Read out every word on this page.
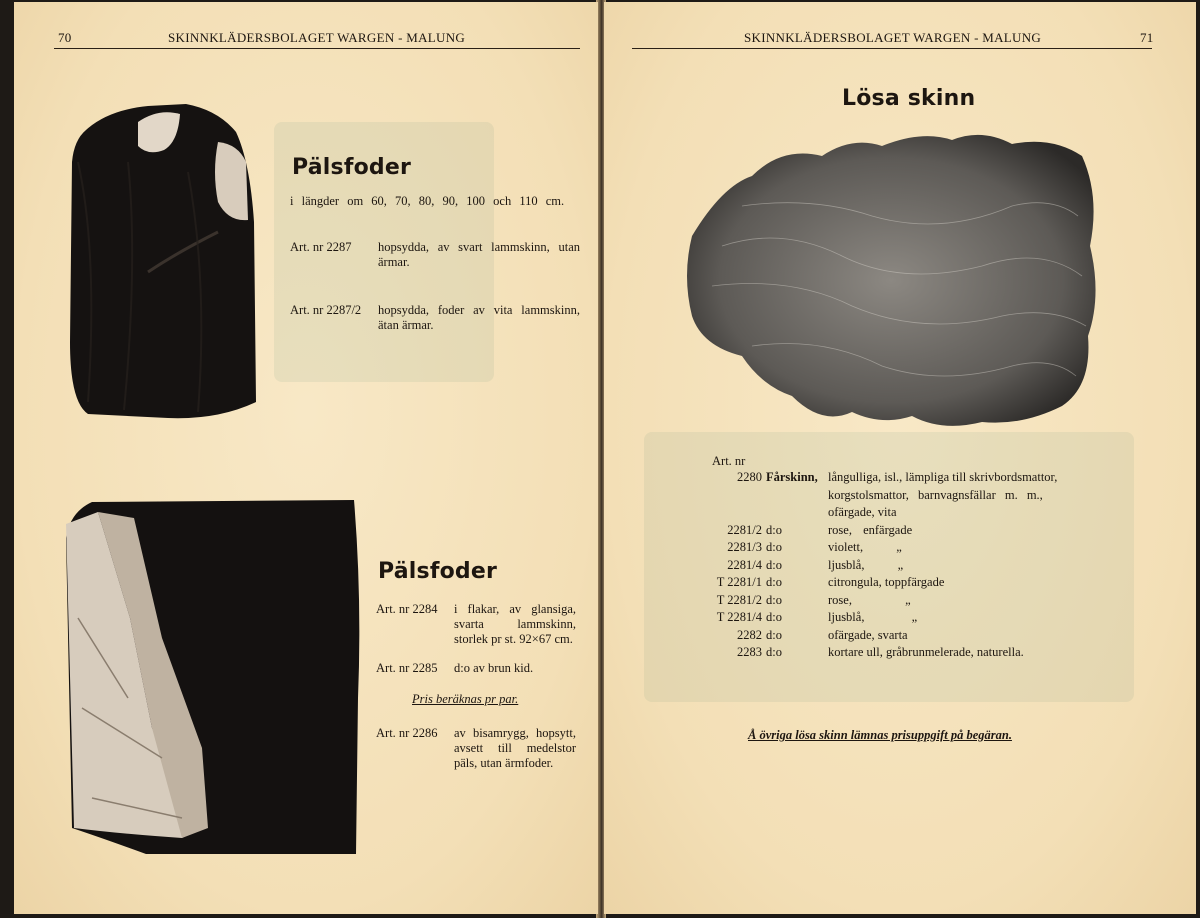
70	SKINNKLÄDERSBOLAGET WARGEN - MALUNG
Pälsfoder
i längder om 60, 70, 80, 90, 100 och 110 cm.
Art. nr 2287 hopsydda, av svart lammskinn, utan ärmar.
Art. nr 2287/2 hopsydda, foder av vita lammskinn, ätan ärmar.
Pälsfoder
Art. nr 2284 i flakar, av glansiga, svarta lammskinn, storlek pr st. 92×67 cm.
Art. nr 2285 d:o av brun kid.
Pris beräknas pr par.
Art. nr 2286 av bisamrygg, hopsytt, avsett till medelstor päls, utan ärmfoder.
SKINNKLÄDERSBOLAGET WARGEN - MALUNG	71
Lösa skinn
Art. nr
2280 Fårskinn, långulliga, isl., lämpliga till skrivbordsmattor,
korgstolsmattor, barnvagnsfällar m. m.,
ofärgade, vita
2281/2 d:o	rose, enfärgade
2281/3 d:o	violett, „
2281/4 d:o	ljusblå, „
T 2281/1 d:o	citrongula, toppfärgade
T 2281/2 d:o	rose, „
T 2281/4 d:o	ljusblå, „
2282 d:o	ofärgade, svarta
2283 d:o	kortare ull, gråbrunmelerade, naturella.
Å övriga lösa skinn lämnas prisuppgift på begäran.
